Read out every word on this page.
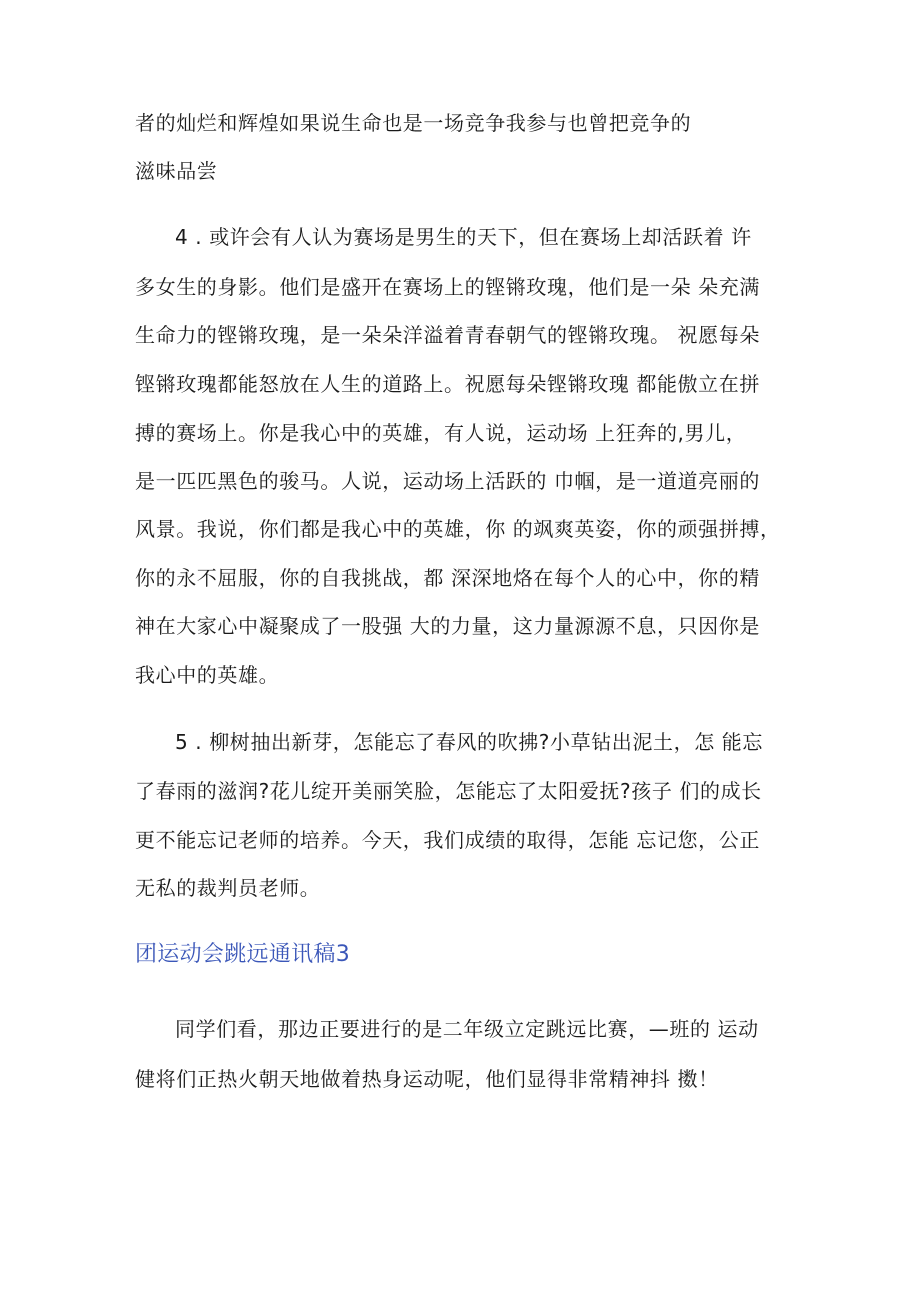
者的灿烂和辉煌如果说生命也是一场竞争我参与也曾把竞争的
滋味品尝
4 . 或许会有人认为赛场是男生的天下，但在赛场上却活跃着 许
多女生的身影。他们是盛开在赛场上的铿锵玫瑰，他们是一朵 朵充满
生命力的铿锵玫瑰，是一朵朵洋溢着青春朝气的铿锵玫瑰。 祝愿每朵
铿锵玫瑰都能怒放在人生的道路上。祝愿每朵铿锵玫瑰 都能傲立在拼
搏的赛场上。你是我心中的英雄，有人说，运动场 上狂奔的,男儿，
是一匹匹黑色的骏马。人说，运动场上活跃的 巾帼，是一道道亮丽的
风景。我说，你们都是我心中的英雄，你 的飒爽英姿，你的顽强拼搏，
你的永不屈服，你的自我挑战，都 深深地烙在每个人的心中，你的精
神在大家心中凝聚成了一股强 大的力量，这力量源源不息，只因你是
我心中的英雄。
5 . 柳树抽出新芽，怎能忘了春风的吹拂?小草钻出泥土，怎 能忘
了春雨的滋润?花儿绽开美丽笑脸，怎能忘了太阳爱抚?孩子 们的成长
更不能忘记老师的培养。今天，我们成绩的取得，怎能 忘记您，公正
无私的裁判员老师。
团运动会跳远通讯稿3
同学们看，那边正要进行的是二年级立定跳远比赛，—班的 运动
健将们正热火朝天地做着热身运动呢，他们显得非常精神抖 擞！
